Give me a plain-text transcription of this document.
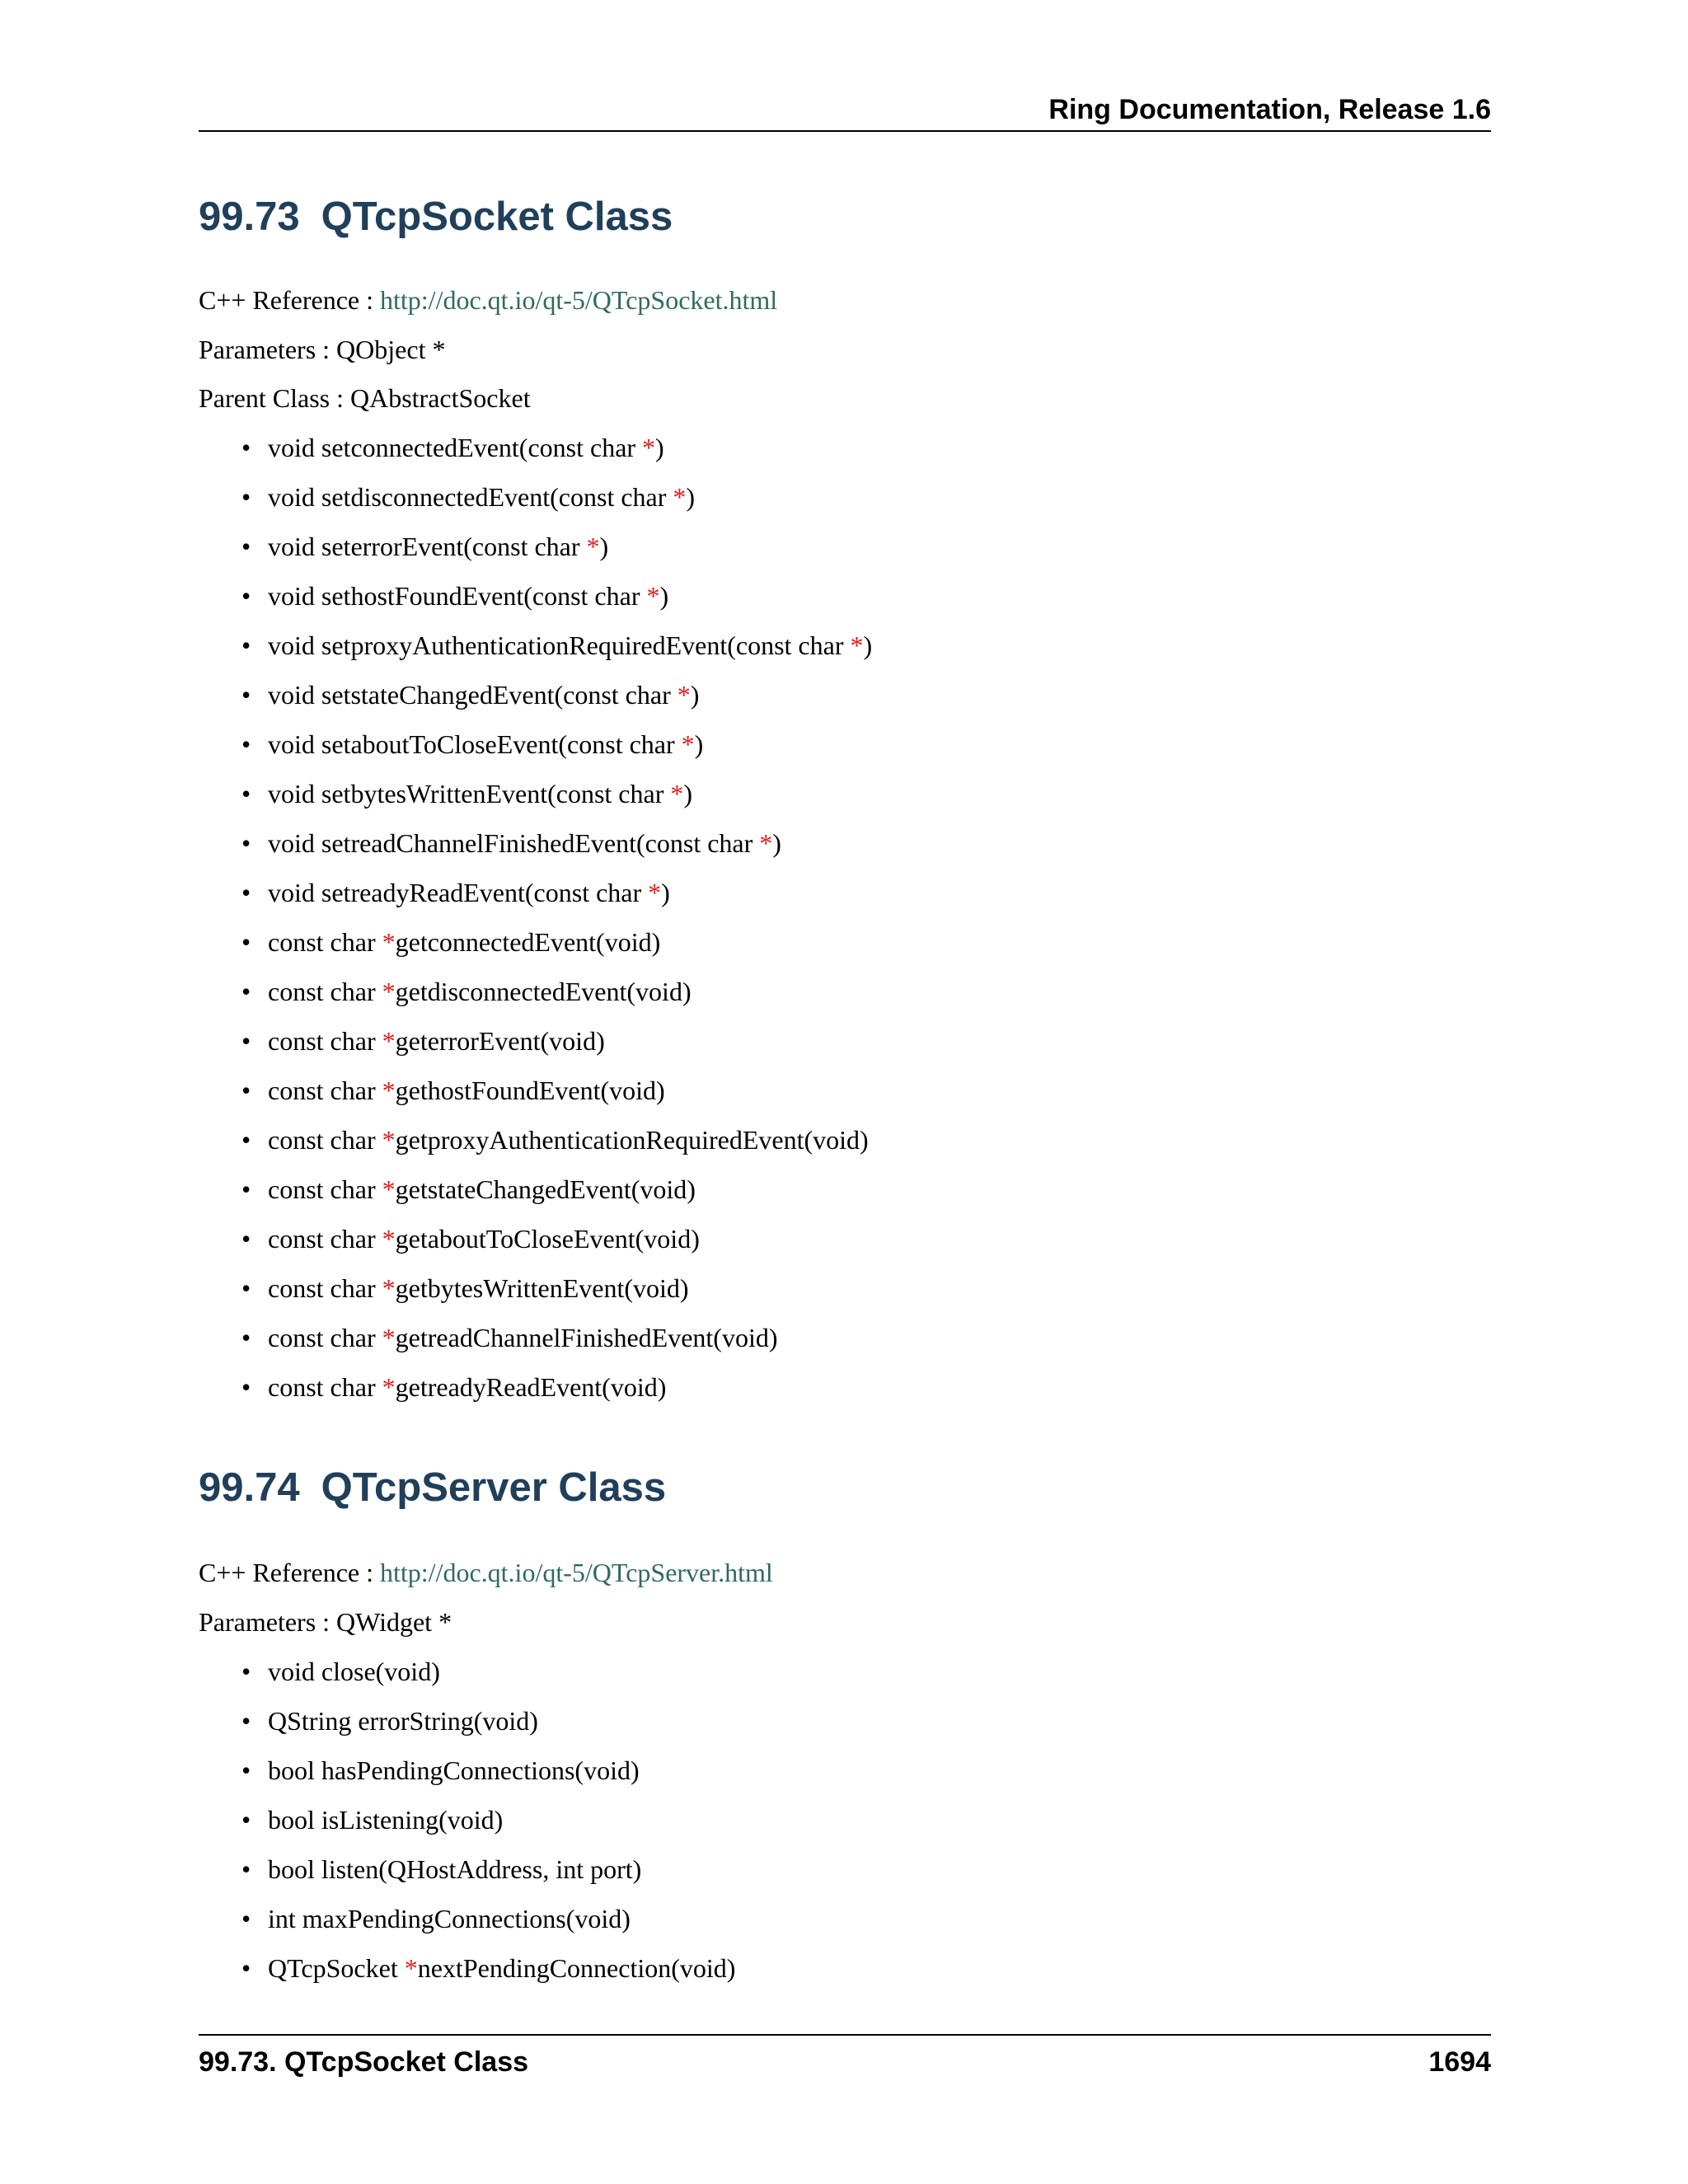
Ring Documentation, Release 1.6
99.73 QTcpSocket Class
C++ Reference : http://doc.qt.io/qt-5/QTcpSocket.html
Parameters : QObject *
Parent Class : QAbstractSocket
• void setconnectedEvent(const char *)
• void setdisconnectedEvent(const char *)
• void seterrorEvent(const char *)
• void sethostFoundEvent(const char *)
• void setproxyAuthenticationRequiredEvent(const char *)
• void setstateChangedEvent(const char *)
• void setaboutToCloseEvent(const char *)
• void setbytesWrittenEvent(const char *)
• void setreadChannelFinishedEvent(const char *)
• void setreadyReadEvent(const char *)
• const char *getconnectedEvent(void)
• const char *getdisconnectedEvent(void)
• const char *geterrorEvent(void)
• const char *gethostFoundEvent(void)
• const char *getproxyAuthenticationRequiredEvent(void)
• const char *getstateChangedEvent(void)
• const char *getaboutToCloseEvent(void)
• const char *getbytesWrittenEvent(void)
• const char *getreadChannelFinishedEvent(void)
• const char *getreadyReadEvent(void)
99.74 QTcpServer Class
C++ Reference : http://doc.qt.io/qt-5/QTcpServer.html
Parameters : QWidget *
• void close(void)
• QString errorString(void)
• bool hasPendingConnections(void)
• bool isListening(void)
• bool listen(QHostAddress, int port)
• int maxPendingConnections(void)
• QTcpSocket *nextPendingConnection(void)
99.73. QTcpSocket Class	1694
